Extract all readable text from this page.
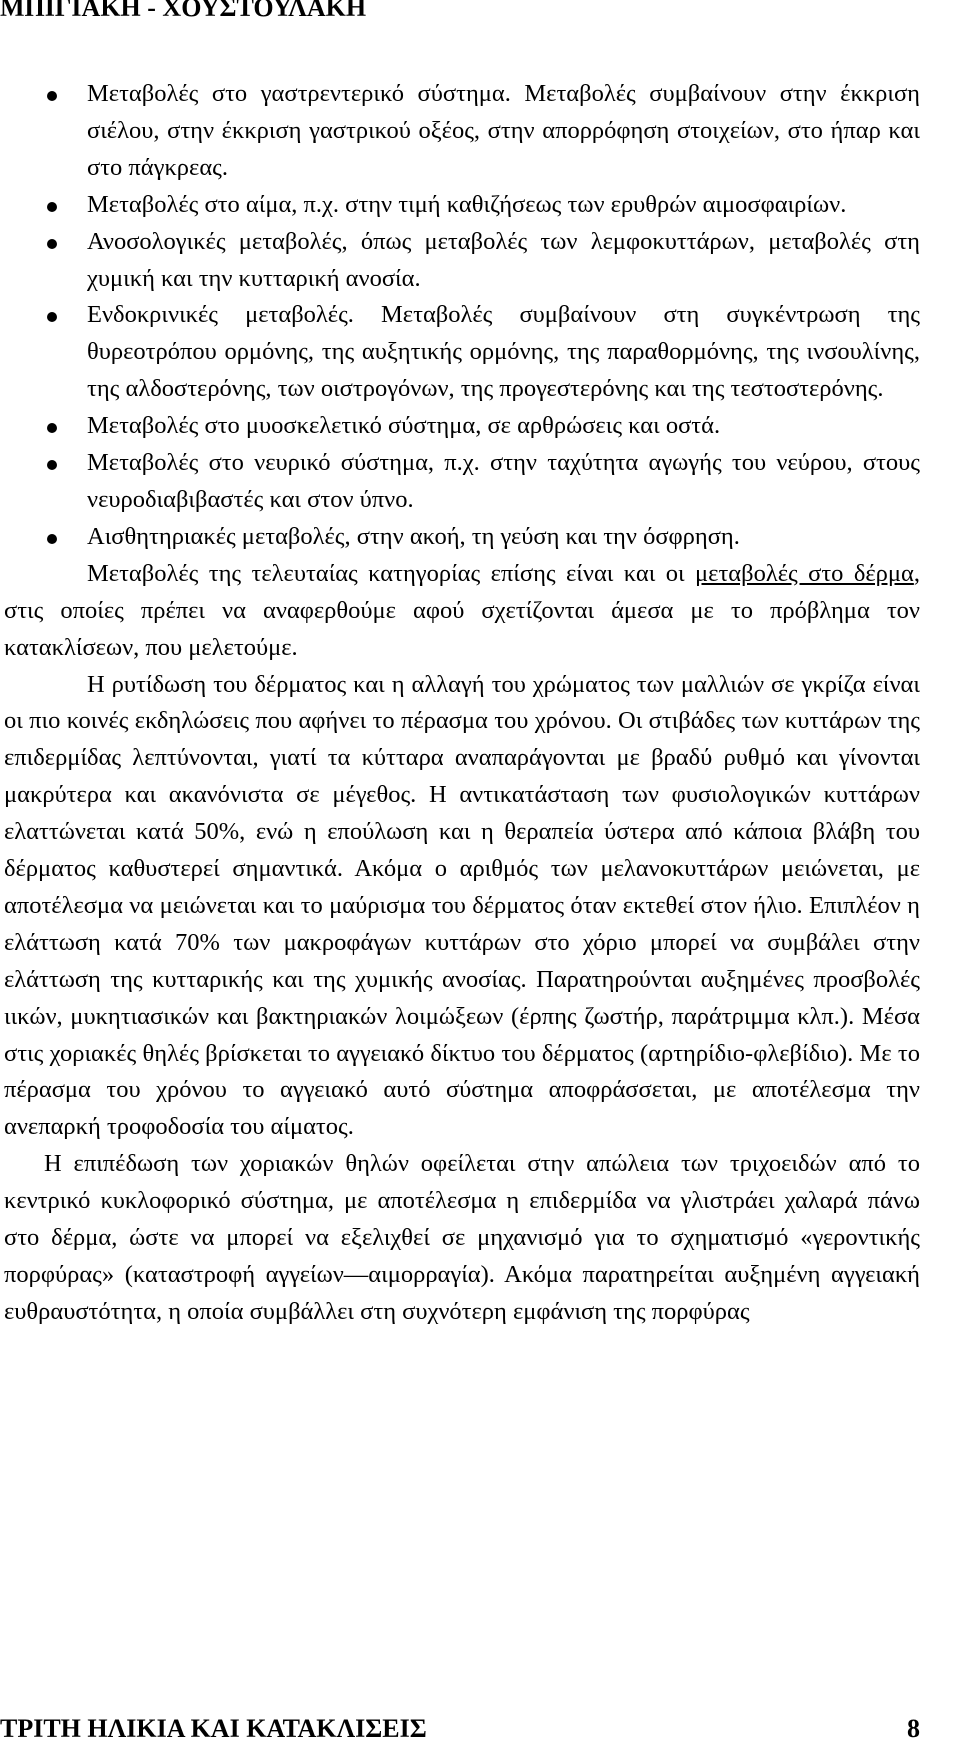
ΜΠΙΓΙΑΚΗ - ΧΟΥΣΤΟΥΛΑΚΗ
Μεταβολές στο γαστρεντερικό σύστημα. Μεταβολές συμβαίνουν στην έκκριση σιέλου, στην έκκριση γαστρικού οξέος, στην απορρόφηση στοιχείων, στο ήπαρ και στο πάγκρεας.
Μεταβολές στο αίμα, π.χ. στην τιμή καθιζήσεως των ερυθρών αιμοσφαιρίων.
Ανοσολογικές μεταβολές, όπως μεταβολές των λεμφοκυττάρων, μεταβολές στη χυμική και την κυτταρική ανοσία.
Ενδοκρινικές μεταβολές. Μεταβολές συμβαίνουν στη συγκέντρωση της θυρεοτρόπου ορμόνης, της αυξητικής ορμόνης, της παραθορμόνης, της ινσουλίνης, της αλδοστερόνης, των οιστρογόνων, της προγεστερόνης και της τεστοστερόνης.
Μεταβολές στο μυοσκελετικό σύστημα, σε αρθρώσεις και οστά.
Μεταβολές στο νευρικό σύστημα, π.χ. στην ταχύτητα αγωγής του νεύρου, στους νευροδιαβιβαστές και στον ύπνο.
Αισθητηριακές μεταβολές, στην ακοή, τη γεύση και την όσφρηση.

Μεταβολές της τελευταίας κατηγορίας επίσης είναι και οι μεταβολές στο δέρμα, στις οποίες πρέπει να αναφερθούμε αφού σχετίζονται άμεσα με το πρόβλημα τον κατακλίσεων, που μελετούμε.

Η ρυτίδωση του δέρματος και η αλλαγή του χρώματος των μαλλιών σε γκρίζα είναι οι πιο κοινές εκδηλώσεις που αφήνει το πέρασμα του χρόνου. Οι στιβάδες των κυττάρων της επιδερμίδας λεπτύνονται, γιατί τα κύτταρα αναπαράγονται με βραδύ ρυθμό και γίνονται μακρύτερα και ακανόνιστα σε μέγεθος. Η αντικατάσταση των φυσιολογικών κυττάρων ελαττώνεται κατά 50%, ενώ η επούλωση και η θεραπεία ύστερα από κάποια βλάβη του δέρματος καθυστερεί σημαντικά. Ακόμα ο αριθμός των μελανοκυττάρων μειώνεται, με αποτέλεσμα να μειώνεται και το μαύρισμα του δέρματος όταν εκτεθεί στον ήλιο. Επιπλέον η ελάττωση κατά 70% των μακροφάγων κυττάρων στο χόριο μπορεί να συμβάλει στην ελάττωση της κυτταρικής και της χυμικής ανοσίας. Παρατηρούνται αυξημένες προσβολές ιικών, μυκητιασικών και βακτηριακών λοιμώξεων (έρπης ζωστήρ, παράτριμμα κλπ.). Μέσα στις χοριακές θηλές βρίσκεται το αγγειακό δίκτυο του δέρματος (αρτηρίδιο-φλεβίδιο). Με το πέρασμα του χρόνου το αγγειακό αυτό σύστημα αποφράσσεται, με αποτέλεσμα την ανεπαρκή τροφοδοσία του αίματος.

Η επιπέδωση των χοριακών θηλών οφείλεται στην απώλεια των τριχοειδών από το κεντρικό κυκλοφορικό σύστημα, με αποτέλεσμα η επιδερμίδα να γλιστράει χαλαρά πάνω στο δέρμα, ώστε να μπορεί να εξελιχθεί σε μηχανισμό για το σχηματισμό «γεροντικής πορφύρας» (καταστροφή αγγείων—αιμορραγία). Ακόμα παρατηρείται αυξημένη αγγειακή ευθραυστότητα, η οποία συμβάλλει στη συχνότερη εμφάνιση της πορφύρας

ΤΡΙΤΗ ΗΛΙΚΙΑ ΚΑΙ ΚΑΤΑΚΛΙΣΕΙΣ	8
